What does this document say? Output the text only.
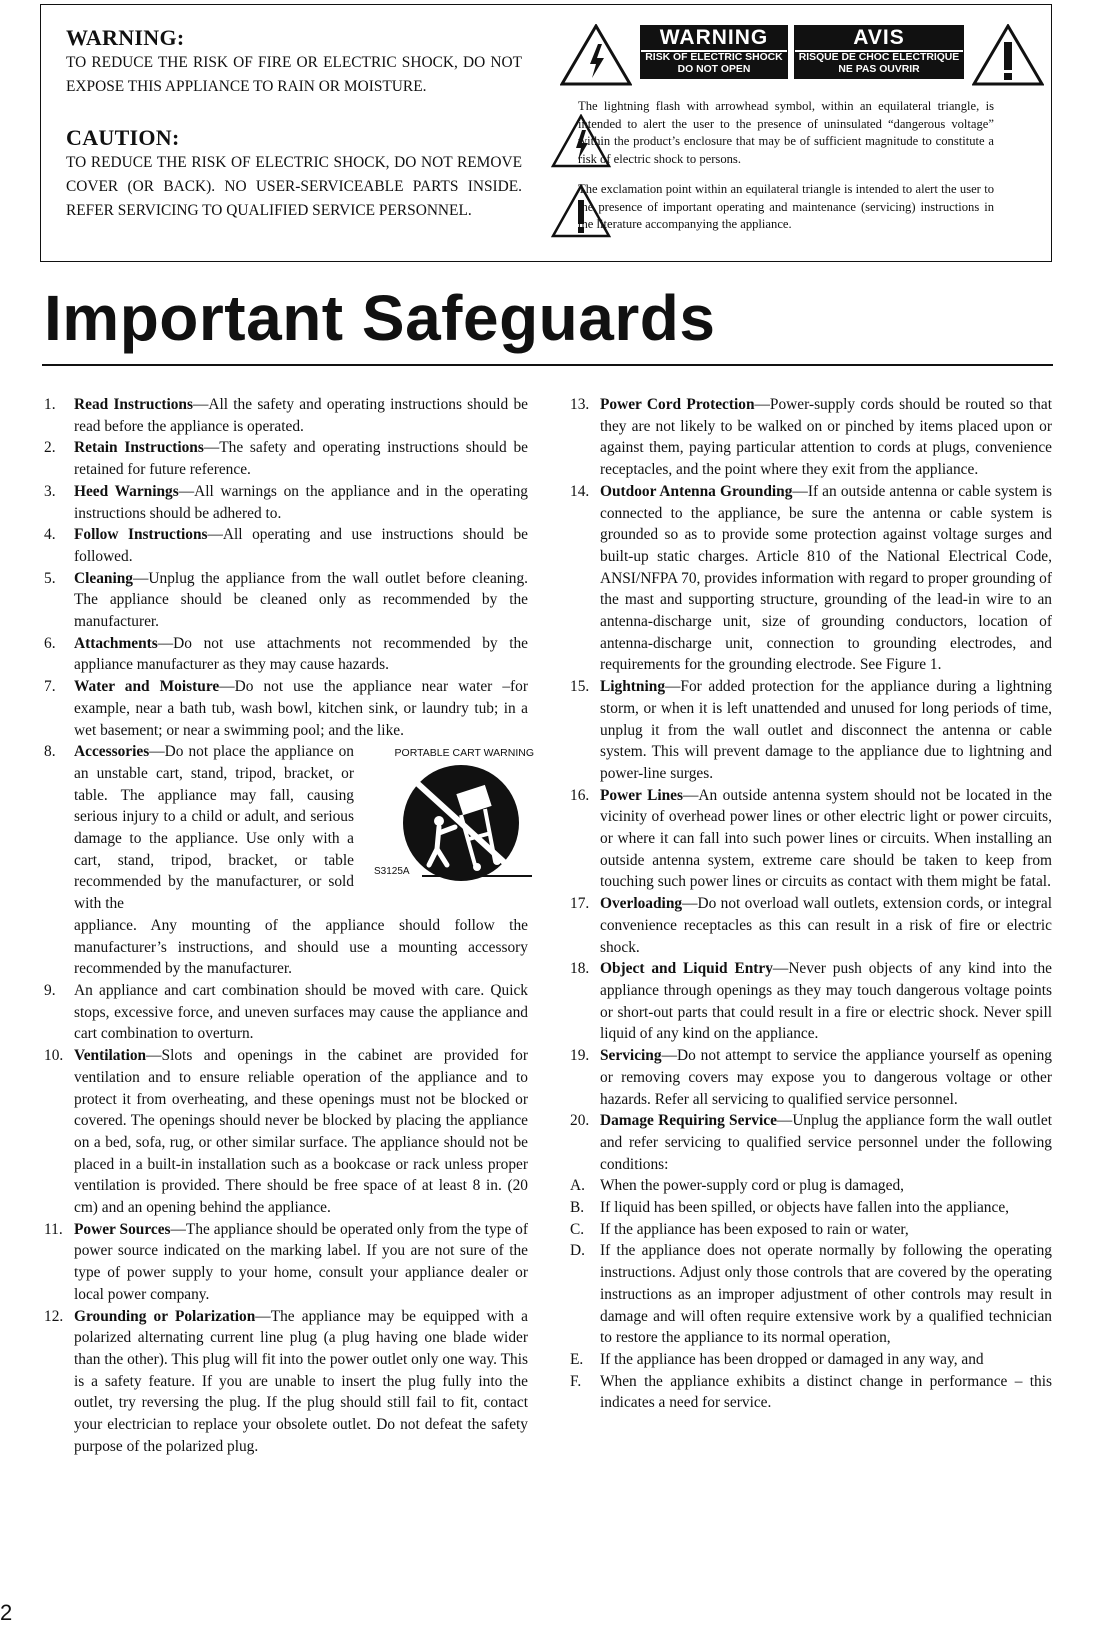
WARNING:

TO REDUCE THE RISK OF FIRE OR ELECTRIC SHOCK, DO NOT EXPOSE THIS APPLIANCE TO RAIN OR MOISTURE.

CAUTION:

TO REDUCE THE RISK OF ELECTRIC SHOCK, DO NOT REMOVE COVER (OR BACK). NO USER-SERVICEABLE PARTS INSIDE. REFER SERVICING TO QUALIFIED SERVICE PERSONNEL.

WARNING
RISK OF ELECTRIC SHOCK
DO NOT OPEN
AVIS
RISQUE DE CHOC ELECTRIQUE
NE PAS OUVRIR

The lightning flash with arrowhead symbol, within an equilateral triangle, is intended to alert the user to the presence of uninsulated “dangerous voltage” within the product’s enclosure that may be of sufficient magnitude to constitute a risk of electric shock to persons.

The exclamation point within an equilateral triangle is intended to alert the user to the presence of important operating and maintenance (servicing) instructions in the literature accompanying the appliance.

Important Safeguards
1. Read Instructions—All the safety and operating instructions should be read before the appliance is operated.
2. Retain Instructions—The safety and operating instructions should be retained for future reference.
3. Heed Warnings—All warnings on the appliance and in the operating instructions should be adhered to.
4. Follow Instructions—All operating and use instructions should be followed.
5. Cleaning—Unplug the appliance from the wall outlet before cleaning. The appliance should be cleaned only as recommended by the manufacturer.
6. Attachments—Do not use attachments not recommended by the appliance manufacturer as they may cause hazards.
7. Water and Moisture—Do not use the appliance near water –for example, near a bath tub, wash bowl, kitchen sink, or laundry tub; in a wet basement; or near a swimming pool; and the like.
8. Accessories—Do not place the appliance on an unstable cart, stand, tripod, bracket, or table. The appliance may fall, causing serious injury to a child or adult, and serious damage to the appliance. Use only with a cart, stand, tripod, bracket, or table recommended by the manufacturer, or sold with the
appliance. Any mounting of the appliance should follow the manufacturer’s instructions, and should use a mounting accessory recommended by the manufacturer.
PORTABLE CART WARNING
S3125A
9. An appliance and cart combination should be moved with care. Quick stops, excessive force, and uneven surfaces may cause the appliance and cart combination to overturn.
10. Ventilation—Slots and openings in the cabinet are provided for ventilation and to ensure reliable operation of the appliance and to protect it from overheating, and these openings must not be blocked or covered. The openings should never be blocked by placing the appliance on a bed, sofa, rug, or other similar surface. The appliance should not be placed in a built-in installation such as a bookcase or rack unless proper ventilation is provided. There should be free space of at least 8 in. (20 cm) and an opening behind the appliance.
11. Power Sources—The appliance should be operated only from the type of power source indicated on the marking label. If you are not sure of the type of power supply to your home, consult your appliance dealer or local power company.
12. Grounding or Polarization—The appliance may be equipped with a polarized alternating current line plug (a plug having one blade wider than the other). This plug will fit into the power outlet only one way. This is a safety feature. If you are unable to insert the plug fully into the outlet, try reversing the plug. If the plug should still fail to fit, contact your electrician to replace your obsolete outlet. Do not defeat the safety purpose of the polarized plug.
13. Power Cord Protection—Power-supply cords should be routed so that they are not likely to be walked on or pinched by items placed upon or against them, paying particular attention to cords at plugs, convenience receptacles, and the point where they exit from the appliance.
14. Outdoor Antenna Grounding—If an outside antenna or cable system is connected to the appliance, be sure the antenna or cable system is grounded so as to provide some protection against voltage surges and built-up static charges. Article 810 of the National Electrical Code, ANSI/NFPA 70, provides information with regard to proper grounding of the mast and supporting structure, grounding of the lead-in wire to an antenna-discharge unit, size of grounding conductors, location of antenna-discharge unit, connection to grounding electrodes, and requirements for the grounding electrode. See Figure 1.
15. Lightning—For added protection for the appliance during a lightning storm, or when it is left unattended and unused for long periods of time, unplug it from the wall outlet and disconnect the antenna or cable system. This will prevent damage to the appliance due to lightning and power-line surges.
16. Power Lines—An outside antenna system should not be located in the vicinity of overhead power lines or other electric light or power circuits, or where it can fall into such power lines or circuits. When installing an outside antenna system, extreme care should be taken to keep from touching such power lines or circuits as contact with them might be fatal.
17. Overloading—Do not overload wall outlets, extension cords, or integral convenience receptacles as this can result in a risk of fire or electric shock.
18. Object and Liquid Entry—Never push objects of any kind into the appliance through openings as they may touch dangerous voltage points or short-out parts that could result in a fire or electric shock. Never spill liquid of any kind on the appliance.
19. Servicing—Do not attempt to service the appliance yourself as opening or removing covers may expose you to dangerous voltage or other hazards. Refer all servicing to qualified service personnel.
20. Damage Requiring Service—Unplug the appliance form the wall outlet and refer servicing to qualified service personnel under the following conditions:
A. When the power-supply cord or plug is damaged,
B. If liquid has been spilled, or objects have fallen into the appliance,
C. If the appliance has been exposed to rain or water,
D. If the appliance does not operate normally by following the operating instructions. Adjust only those controls that are covered by the operating instructions as an improper adjustment of other controls may result in damage and will often require extensive work by a qualified technician to restore the appliance to its normal operation,
E. If the appliance has been dropped or damaged in any way, and
F. When the appliance exhibits a distinct change in performance – this indicates a need for service.
2
